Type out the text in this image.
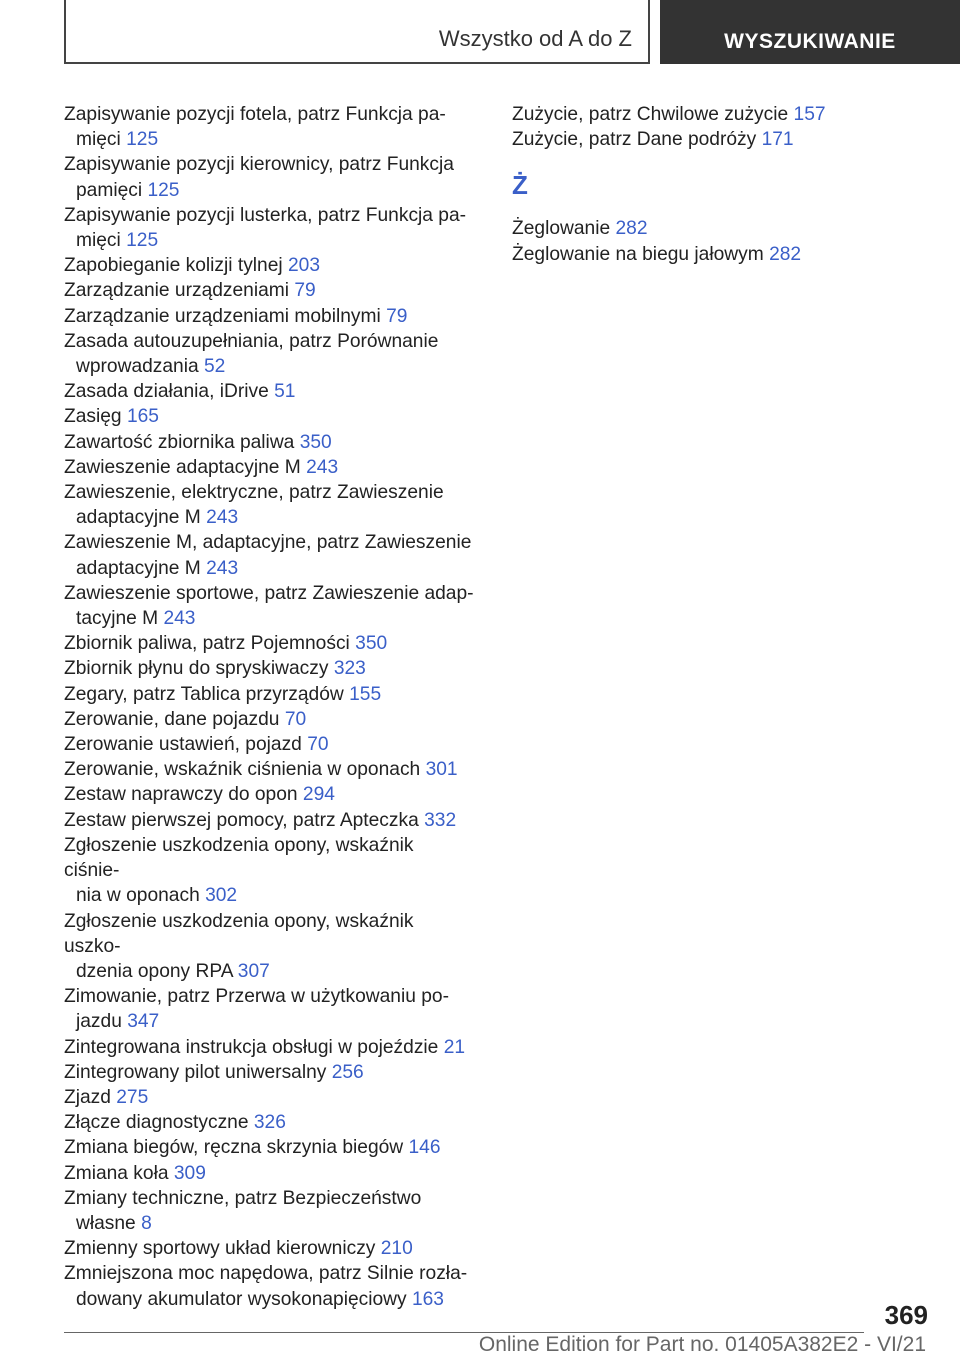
Wszystko od A do Z	WYSZUKIWANIE
Zapisywanie pozycji fotela, patrz Funkcja pa-
mięci 125
Zapisywanie pozycji kierownicy, patrz Funkcja
pamięci 125
Zapisywanie pozycji lusterka, patrz Funkcja pa-
mięci 125
Zapobieganie kolizji tylnej 203
Zarządzanie urządzeniami 79
Zarządzanie urządzeniami mobilnymi 79
Zasada autouzupełniania, patrz Porównanie
wprowadzania 52
Zasada działania, iDrive 51
Zasięg 165
Zawartość zbiornika paliwa 350
Zawieszenie adaptacyjne M 243
Zawieszenie, elektryczne, patrz Zawieszenie
adaptacyjne M 243
Zawieszenie M, adaptacyjne, patrz Zawieszenie
adaptacyjne M 243
Zawieszenie sportowe, patrz Zawieszenie adap-
tacyjne M 243
Zbiornik paliwa, patrz Pojemności 350
Zbiornik płynu do spryskiwaczy 323
Zegary, patrz Tablica przyrządów 155
Zerowanie, dane pojazdu 70
Zerowanie ustawień, pojazd 70
Zerowanie, wskaźnik ciśnienia w oponach 301
Zestaw naprawczy do opon 294
Zestaw pierwszej pomocy, patrz Apteczka 332
Zgłoszenie uszkodzenia opony, wskaźnik ciśnie-
nia w oponach 302
Zgłoszenie uszkodzenia opony, wskaźnik uszko-
dzenia opony RPA 307
Zimowanie, patrz Przerwa w użytkowaniu po-
jazdu 347
Zintegrowana instrukcja obsługi w pojeździe 21
Zintegrowany pilot uniwersalny 256
Zjazd 275
Złącze diagnostyczne 326
Zmiana biegów, ręczna skrzynia biegów 146
Zmiana koła 309
Zmiany techniczne, patrz Bezpieczeństwo
własne 8
Zmienny sportowy układ kierowniczy 210
Zmniejszona moc napędowa, patrz Silnie rozła-
dowany akumulator wysokonapięciowy 163
Zużycie, patrz Chwilowe zużycie 157
Zużycie, patrz Dane podróży 171
Ż
Żeglowanie 282
Żeglowanie na biegu jałowym 282
369
Online Edition for Part no. 01405A382E2 - VI/21
